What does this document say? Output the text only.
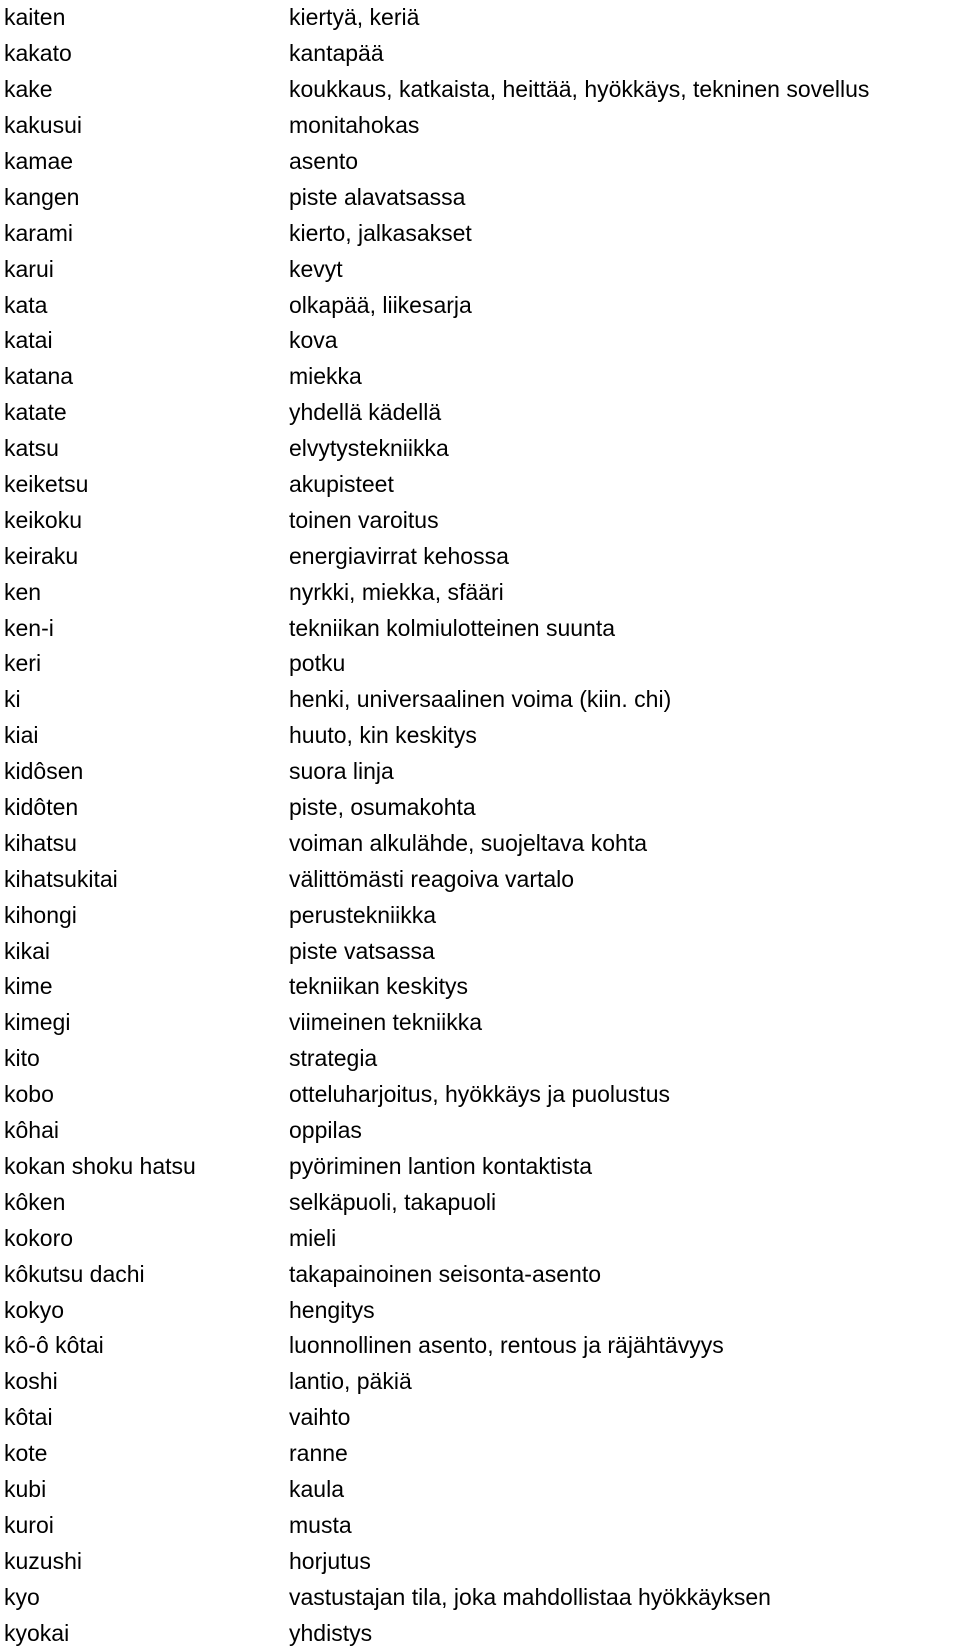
kaiten	kiertyä, keriä
kakato	kantapää
kake	koukkaus, katkaista, heittää, hyökkäys, tekninen sovellus
kakusui	monitahokas
kamae	asento
kangen	piste alavatsassa
karami	kierto, jalkasakset
karui	kevyt
kata	olkapää, liikesarja
katai	kova
katana	miekka
katate	yhdellä kädellä
katsu	elvytystekniikka
keiketsu	akupisteet
keikoku	toinen varoitus
keiraku	energiavirrat kehossa
ken	nyrkki, miekka, sfääri
ken-i	tekniikan kolmiulotteinen suunta
keri	potku
ki	henki, universaalinen voima (kiin. chi)
kiai	huuto, kin keskitys
kidôsen	suora linja
kidôten	piste, osumakohta
kihatsu	voiman alkulähde, suojeltava kohta
kihatsukitai	välittömästi reagoiva vartalo
kihongi	perustekniikka
kikai	piste vatsassa
kime	tekniikan keskitys
kimegi	viimeinen tekniikka
kito	strategia
kobo	otteluharjoitus, hyökkäys ja puolustus
kôhai	oppilas
kokan shoku hatsu	pyöriminen lantion kontaktista
kôken	selkäpuoli, takapuoli
kokoro	mieli
kôkutsu dachi	takapainoinen seisonta-asento
kokyo	hengitys
kô-ô kôtai	luonnollinen asento, rentous ja räjähtävyys
koshi	lantio, päkiä
kôtai	vaihto
kote	ranne
kubi	kaula
kuroi	musta
kuzushi	horjutus
kyo	vastustajan tila, joka mahdollistaa hyökkäyksen
kyokai	yhdistys
